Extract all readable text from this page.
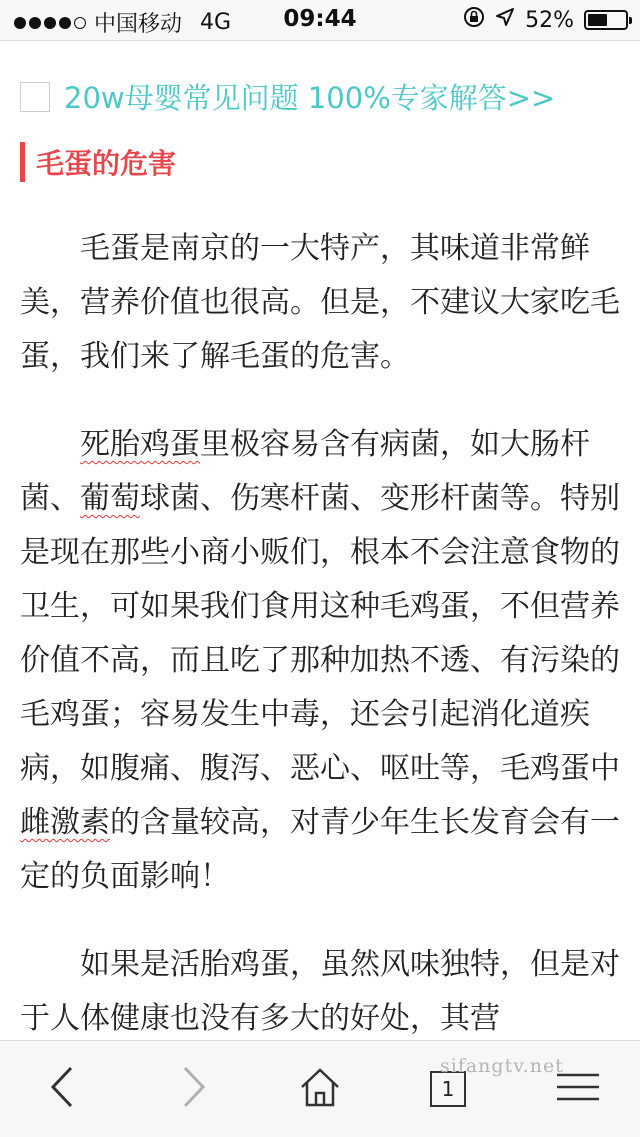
中国移动 4G	09:44	52%
20w母婴常见问题 100%专家解答>>
毛蛋的危害

毛蛋是南京的一大特产，其味道非常鲜美，营养价值也很高。但是，不建议大家吃毛蛋，我们来了解毛蛋的危害。

死胎鸡蛋里极容易含有病菌，如大肠杆菌、葡萄球菌、伤寒杆菌、变形杆菌等。特别是现在那些小商小贩们，根本不会注意食物的卫生，可如果我们食用这种毛鸡蛋，不但营养价值不高，而且吃了那种加热不透、有污染的毛鸡蛋；容易发生中毒，还会引起消化道疾病，如腹痛、腹泻、恶心、呕吐等，毛鸡蛋中雌激素的含量较高，对青少年生长发育会有一定的负面影响！

如果是活胎鸡蛋，虽然风味独特，但是对于人体健康也没有多大的好处，其营

1
sifangtv.net
